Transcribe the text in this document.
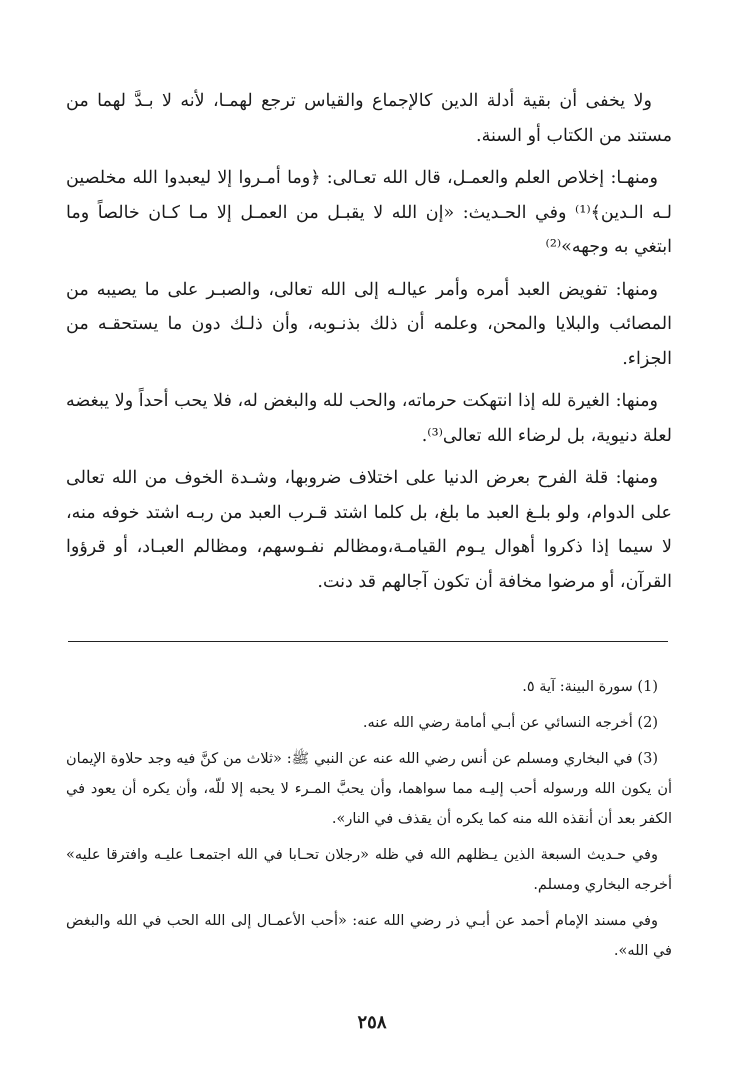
ولا يخفى أن بقية أدلة الدين كالإجماع والقياس ترجع لهمـا، لأنه لا بـدَّ لهما من مستند من الكتاب أو السنة.

ومنهـا: إخلاص العلم والعمـل، قال الله تعـالى: ﴿وما أمـروا إلا ليعبدوا الله مخلصين لـه الـدين﴾⁽¹⁾ وفي الحـديث: «إن الله لا يقبـل من العمـل إلا مـا كـان خالصاً وما ابتغي به وجهه»⁽²⁾

ومنها: تفويض العبد أمره وأمر عيالـه إلى الله تعالى، والصبـر على ما يصيبه من المصائب والبلايا والمحن، وعلمه أن ذلك بذنـوبه، وأن ذلـك دون ما يستحقـه من الجزاء.

ومنها: الغيرة لله إذا انتهكت حرماته، والحب لله والبغض له، فلا يحب أحداً ولا يبغضه لعلة دنيوية، بل لرضاء الله تعالى⁽³⁾.

ومنها: قلة الفرح بعرض الدنيا على اختلاف ضروبها، وشـدة الخوف من الله تعالى على الدوام، ولو بلـغ العبد ما بلغ، بل كلما اشتد قـرب العبد من ربـه اشتد خوفه منه، لا سيما إذا ذكروا أهوال يـوم القيامـة،ومظالم نفـوسهم، ومظالم العبـاد، أو قرؤوا القرآن، أو مرضوا مخافة أن تكون آجالهم قد دنت.

(1) سورة البينة: آية ٥.

(2) أخرجه النسائي عن أبـي أمامة رضي الله عنه.

(3) في البخاري ومسلم عن أنس رضي الله عنه عن النبي ﷺ: «ثلاث من كنَّ فيه وجد حلاوة الإيمان أن يكون الله ورسوله أحب إليـه مما سواهما، وأن يحبَّ المـرء لا يحبه إلا للّه، وأن يكره أن يعود في الكفر بعد أن أنقذه الله منه كما يكره أن يقذف في النار».

وفي حـديث السبعة الذين يـظلهم الله في ظله «رجلان تحـابا في الله اجتمعـا عليـه وافترقا عليه» أخرجه البخاري ومسلم.

وفي مسند الإمام أحمد عن أبـي ذر رضي الله عنه: «أحب الأعمـال إلى الله الحب في الله والبغض في الله».

٢٥٨
